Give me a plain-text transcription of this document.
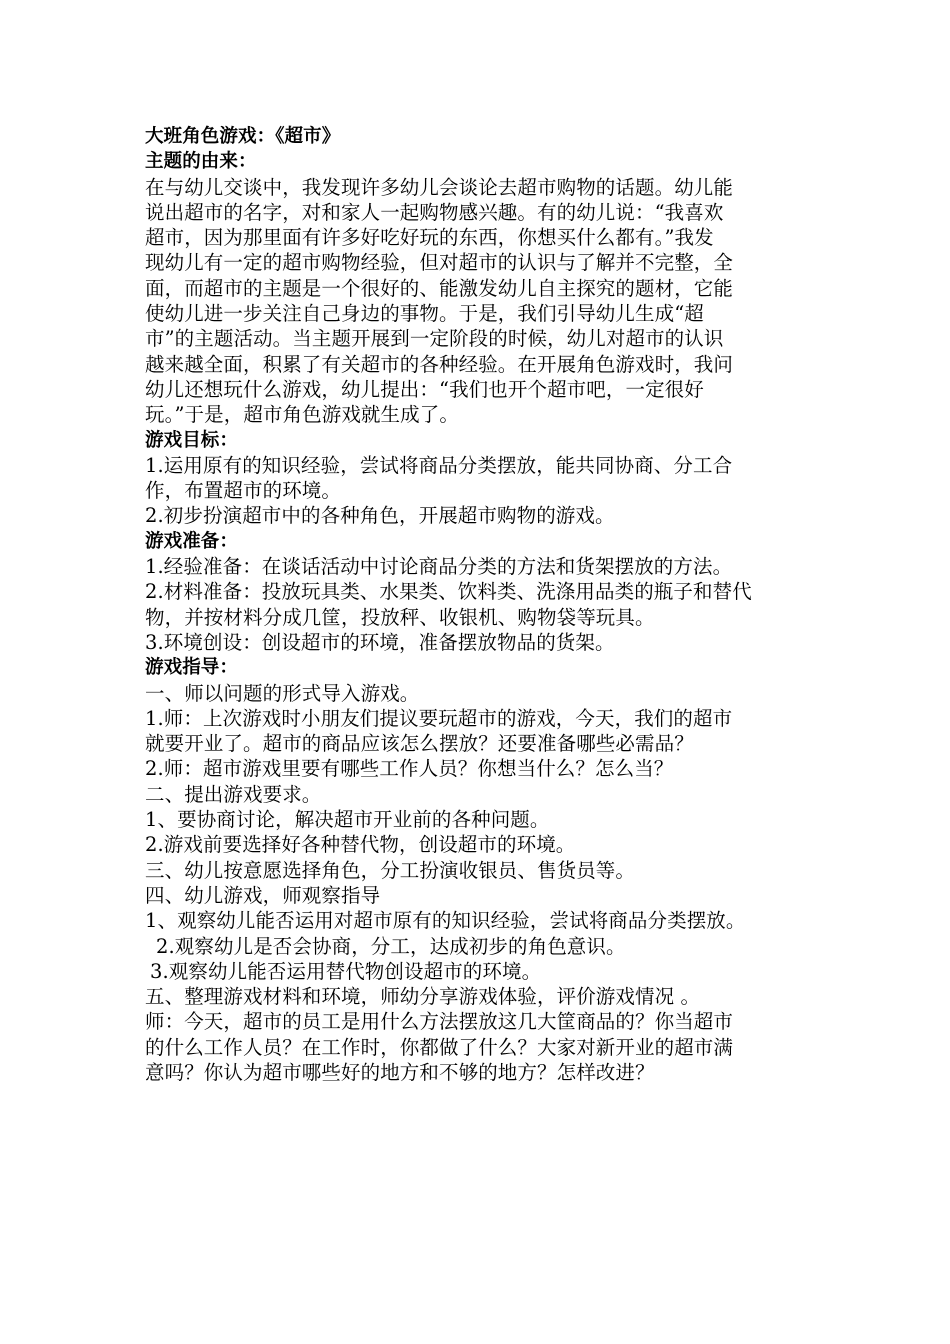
大班角色游戏：《超市》
主题的由来：
在与幼儿交谈中，我发现许多幼儿会谈论去超市购物的话题。幼儿能
说出超市的名字，对和家人一起购物感兴趣。有的幼儿说：“我喜欢
超市，因为那里面有许多好吃好玩的东西，你想买什么都有。”我发
现幼儿有一定的超市购物经验，但对超市的认识与了解并不完整，全
面，而超市的主题是一个很好的、能激发幼儿自主探究的题材，它能
使幼儿进一步关注自己身边的事物。于是，我们引导幼儿生成“超
市”的主题活动。当主题开展到一定阶段的时候，幼儿对超市的认识
越来越全面，积累了有关超市的各种经验。在开展角色游戏时，我问
幼儿还想玩什么游戏，幼儿提出：“我们也开个超市吧，一定很好
玩。”于是，超市角色游戏就生成了。
游戏目标：
1.运用原有的知识经验，尝试将商品分类摆放，能共同协商、分工合
作，布置超市的环境。
2.初步扮演超市中的各种角色，开展超市购物的游戏。
游戏准备：
1.经验准备：在谈话活动中讨论商品分类的方法和货架摆放的方法。
2.材料准备：投放玩具类、水果类、饮料类、洗涤用品类的瓶子和替代
物，并按材料分成几筐，投放秤、收银机、购物袋等玩具。
3.环境创设：创设超市的环境，准备摆放物品的货架。
游戏指导：
一、师以问题的形式导入游戏。
1.师：上次游戏时小朋友们提议要玩超市的游戏，今天，我们的超市
就要开业了。超市的商品应该怎么摆放？还要准备哪些必需品？
2.师：超市游戏里要有哪些工作人员？你想当什么？怎么当？
二、提出游戏要求。
1、要协商讨论，解决超市开业前的各种问题。
2.游戏前要选择好各种替代物，创设超市的环境。
三、幼儿按意愿选择角色，分工扮演收银员、售货员等。
四、幼儿游戏，师观察指导
1、观察幼儿能否运用对超市原有的知识经验，尝试将商品分类摆放。
2.观察幼儿是否会协商，分工，达成初步的角色意识。
3.观察幼儿能否运用替代物创设超市的环境。
五、整理游戏材料和环境，师幼分享游戏体验，评价游戏情况 。
师：今天，超市的员工是用什么方法摆放这几大筐商品的？你当超市
的什么工作人员？在工作时，你都做了什么？大家对新开业的超市满
意吗？你认为超市哪些好的地方和不够的地方？怎样改进？
